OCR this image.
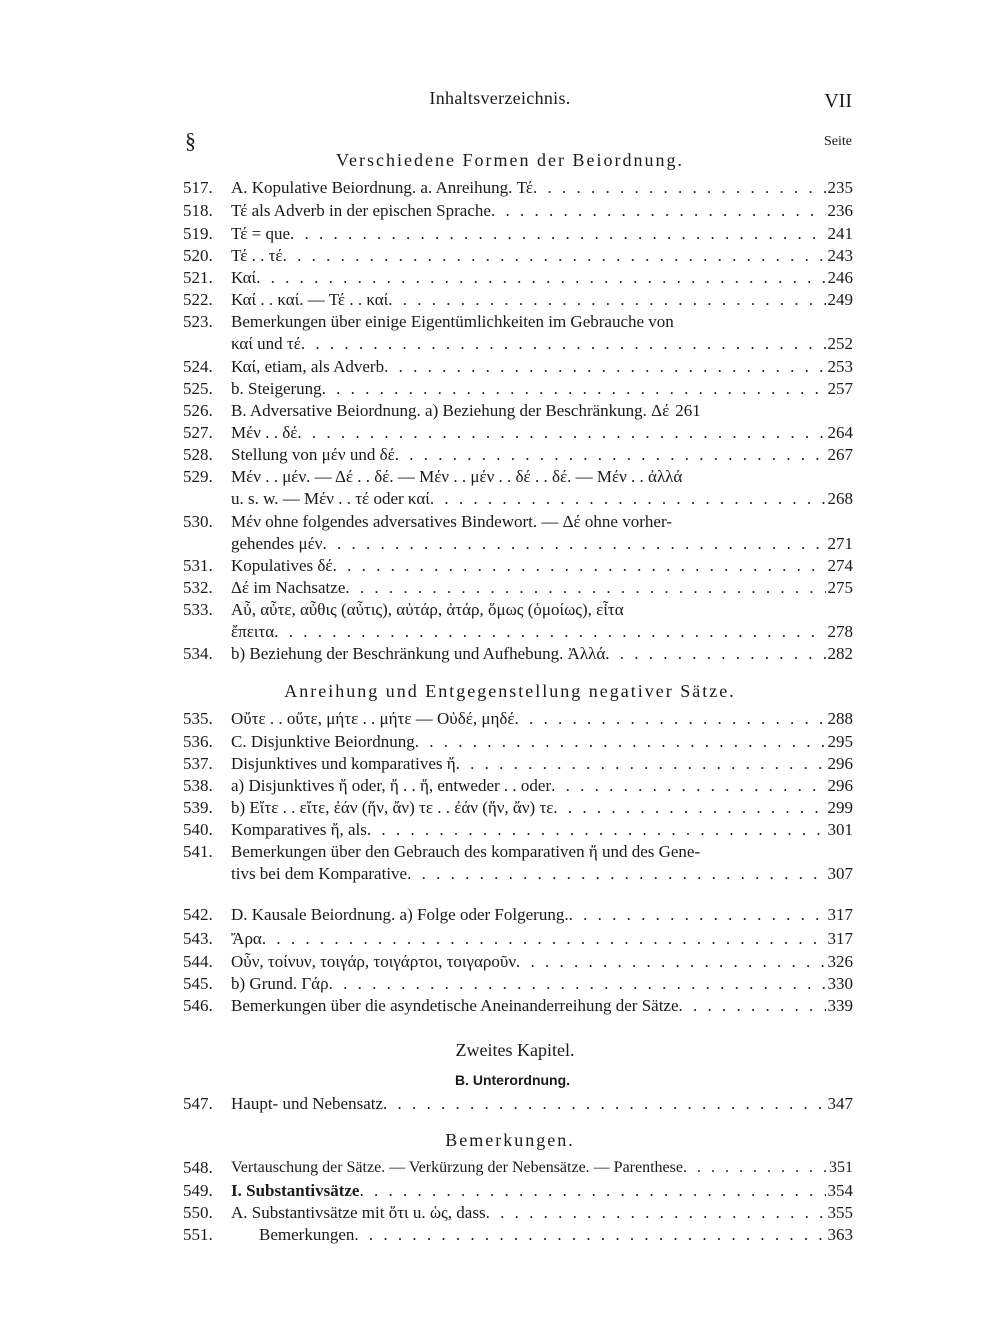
Inhaltsverzeichnis.	VII
§	Seite
Verschiedene Formen der Beiordnung.
517.	A. Kopulative Beiordnung. a. Anreihung. Τέ . . .	235
518.	Τέ als Adverb in der epischen Sprache . . .	236
519.	Τέ = que . . .	241
520.	Τέ . . τέ . . .	243
521.	Καί . . .	246
522.	Καί . . καί. — Τέ . . καί . . .	249
523.	Bemerkungen über einige Eigentümlichkeiten im Gebrauche von
καί und τέ . . .	252
524.	Καί, etiam, als Adverb . . .	253
525.	b. Steigerung . . .	257
526.	B. Adversative Beiordnung. a) Beziehung der Beschränkung. Δέ 261
527.	Μέν . . δέ . . .	264
528.	Stellung von μέν und δέ . . .	267
529.	Μέν . . μέν. — Δέ . . δέ. — Μέν . . μέν . . δέ . . δέ. — Μέν . . ἀλλά
u. s. w. — Μέν . . τέ oder καί . . .	268
530.	Μέν ohne folgendes adversatives Bindewort. — Δέ ohne vorher-
gehendes μέν . . .	271
531.	Kopulatives δέ . . .	274
532.	Δέ im Nachsatze . . .	275
533.	Αὖ, αὖτε, αὖθις (αὖτις), αὐτάρ, ἀτάρ, ὅμως (ὁμοίως), εἶτα
ἔπειτα . . .	278
534.	b) Beziehung der Beschränkung und Aufhebung. Ἀλλά . . .	282
Anreihung und Entgegenstellung negativer Sätze.
535.	Οὔτε . . οὔτε, μήτε . . μήτε — Οὐδέ, μηδέ . . .	288
536.	C. Disjunktive Beiordnung . . .	295
537.	Disjunktives und komparatives ἤ . . .	296
538.	a) Disjunktives ἤ oder, ἤ . . ἤ, entweder . . oder . . .	296
539.	b) Εἴτε . . εἴτε, ἐάν (ἤν, ἄν) τε . . ἐάν (ἤν, ἄν) τε . . .	299
540.	Komparatives ἤ, als . . .	301
541.	Bemerkungen über den Gebrauch des komparativen ἤ und des Gene-
tivs bei dem Komparative . . .	307
542.	D. Kausale Beiordnung. a) Folge oder Folgerung. . . .	317
543.	Ἄρα . . .	317
544.	Οὖν, τοίνυν, τοιγάρ, τοιγάρτοι, τοιγαροῦν . . .	326
545.	b) Grund. Γάρ . . .	330
546.	Bemerkungen über die asyndetische Aneinanderreihung der Sätze . . .	339
Zweites Kapitel.
B. Unterordnung.
547.	Haupt- und Nebensatz . . .	347
Bemerkungen.
548.	Vertauschung der Sätze. — Verkürzung der Nebensätze. — Parenthese . . .	351
549.	I. Substantivsätze . . .	354
550.	A. Substantivsätze mit ὅτι u. ὡς, dass . . .	355
551.	Bemerkungen . . .	363
